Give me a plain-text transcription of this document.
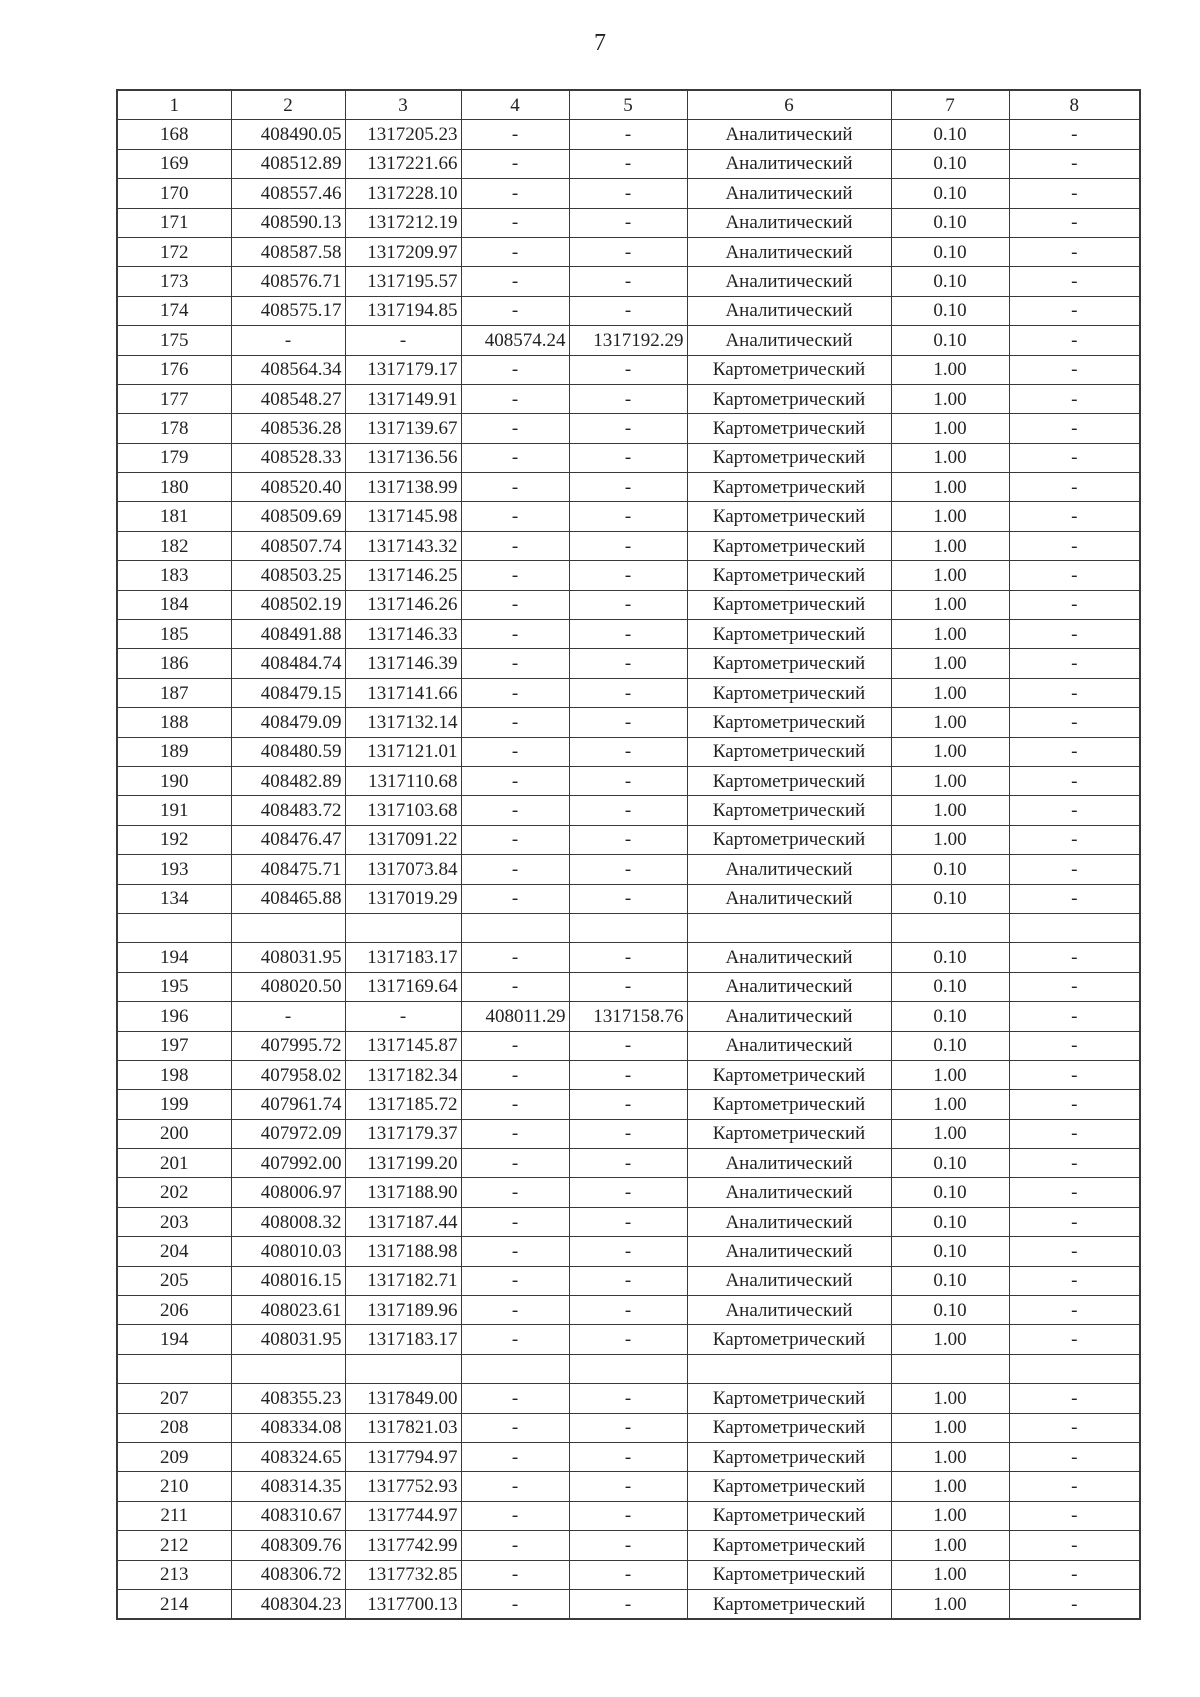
7
1	2	3	4	5	6	7	8
168	408490.05	1317205.23	-	-	Аналитический	0.10	-
169	408512.89	1317221.66	-	-	Аналитический	0.10	-
170	408557.46	1317228.10	-	-	Аналитический	0.10	-
171	408590.13	1317212.19	-	-	Аналитический	0.10	-
172	408587.58	1317209.97	-	-	Аналитический	0.10	-
173	408576.71	1317195.57	-	-	Аналитический	0.10	-
174	408575.17	1317194.85	-	-	Аналитический	0.10	-
175	-	-	408574.24	1317192.29	Аналитический	0.10	-
176	408564.34	1317179.17	-	-	Картометрический	1.00	-
177	408548.27	1317149.91	-	-	Картометрический	1.00	-
178	408536.28	1317139.67	-	-	Картометрический	1.00	-
179	408528.33	1317136.56	-	-	Картометрический	1.00	-
180	408520.40	1317138.99	-	-	Картометрический	1.00	-
181	408509.69	1317145.98	-	-	Картометрический	1.00	-
182	408507.74	1317143.32	-	-	Картометрический	1.00	-
183	408503.25	1317146.25	-	-	Картометрический	1.00	-
184	408502.19	1317146.26	-	-	Картометрический	1.00	-
185	408491.88	1317146.33	-	-	Картометрический	1.00	-
186	408484.74	1317146.39	-	-	Картометрический	1.00	-
187	408479.15	1317141.66	-	-	Картометрический	1.00	-
188	408479.09	1317132.14	-	-	Картометрический	1.00	-
189	408480.59	1317121.01	-	-	Картометрический	1.00	-
190	408482.89	1317110.68	-	-	Картометрический	1.00	-
191	408483.72	1317103.68	-	-	Картометрический	1.00	-
192	408476.47	1317091.22	-	-	Картометрический	1.00	-
193	408475.71	1317073.84	-	-	Аналитический	0.10	-
134	408465.88	1317019.29	-	-	Аналитический	0.10	-

194	408031.95	1317183.17	-	-	Аналитический	0.10	-
195	408020.50	1317169.64	-	-	Аналитический	0.10	-
196	-	-	408011.29	1317158.76	Аналитический	0.10	-
197	407995.72	1317145.87	-	-	Аналитический	0.10	-
198	407958.02	1317182.34	-	-	Картометрический	1.00	-
199	407961.74	1317185.72	-	-	Картометрический	1.00	-
200	407972.09	1317179.37	-	-	Картометрический	1.00	-
201	407992.00	1317199.20	-	-	Аналитический	0.10	-
202	408006.97	1317188.90	-	-	Аналитический	0.10	-
203	408008.32	1317187.44	-	-	Аналитический	0.10	-
204	408010.03	1317188.98	-	-	Аналитический	0.10	-
205	408016.15	1317182.71	-	-	Аналитический	0.10	-
206	408023.61	1317189.96	-	-	Аналитический	0.10	-
194	408031.95	1317183.17	-	-	Картометрический	1.00	-

207	408355.23	1317849.00	-	-	Картометрический	1.00	-
208	408334.08	1317821.03	-	-	Картометрический	1.00	-
209	408324.65	1317794.97	-	-	Картометрический	1.00	-
210	408314.35	1317752.93	-	-	Картометрический	1.00	-
211	408310.67	1317744.97	-	-	Картометрический	1.00	-
212	408309.76	1317742.99	-	-	Картометрический	1.00	-
213	408306.72	1317732.85	-	-	Картометрический	1.00	-
214	408304.23	1317700.13	-	-	Картометрический	1.00	-
